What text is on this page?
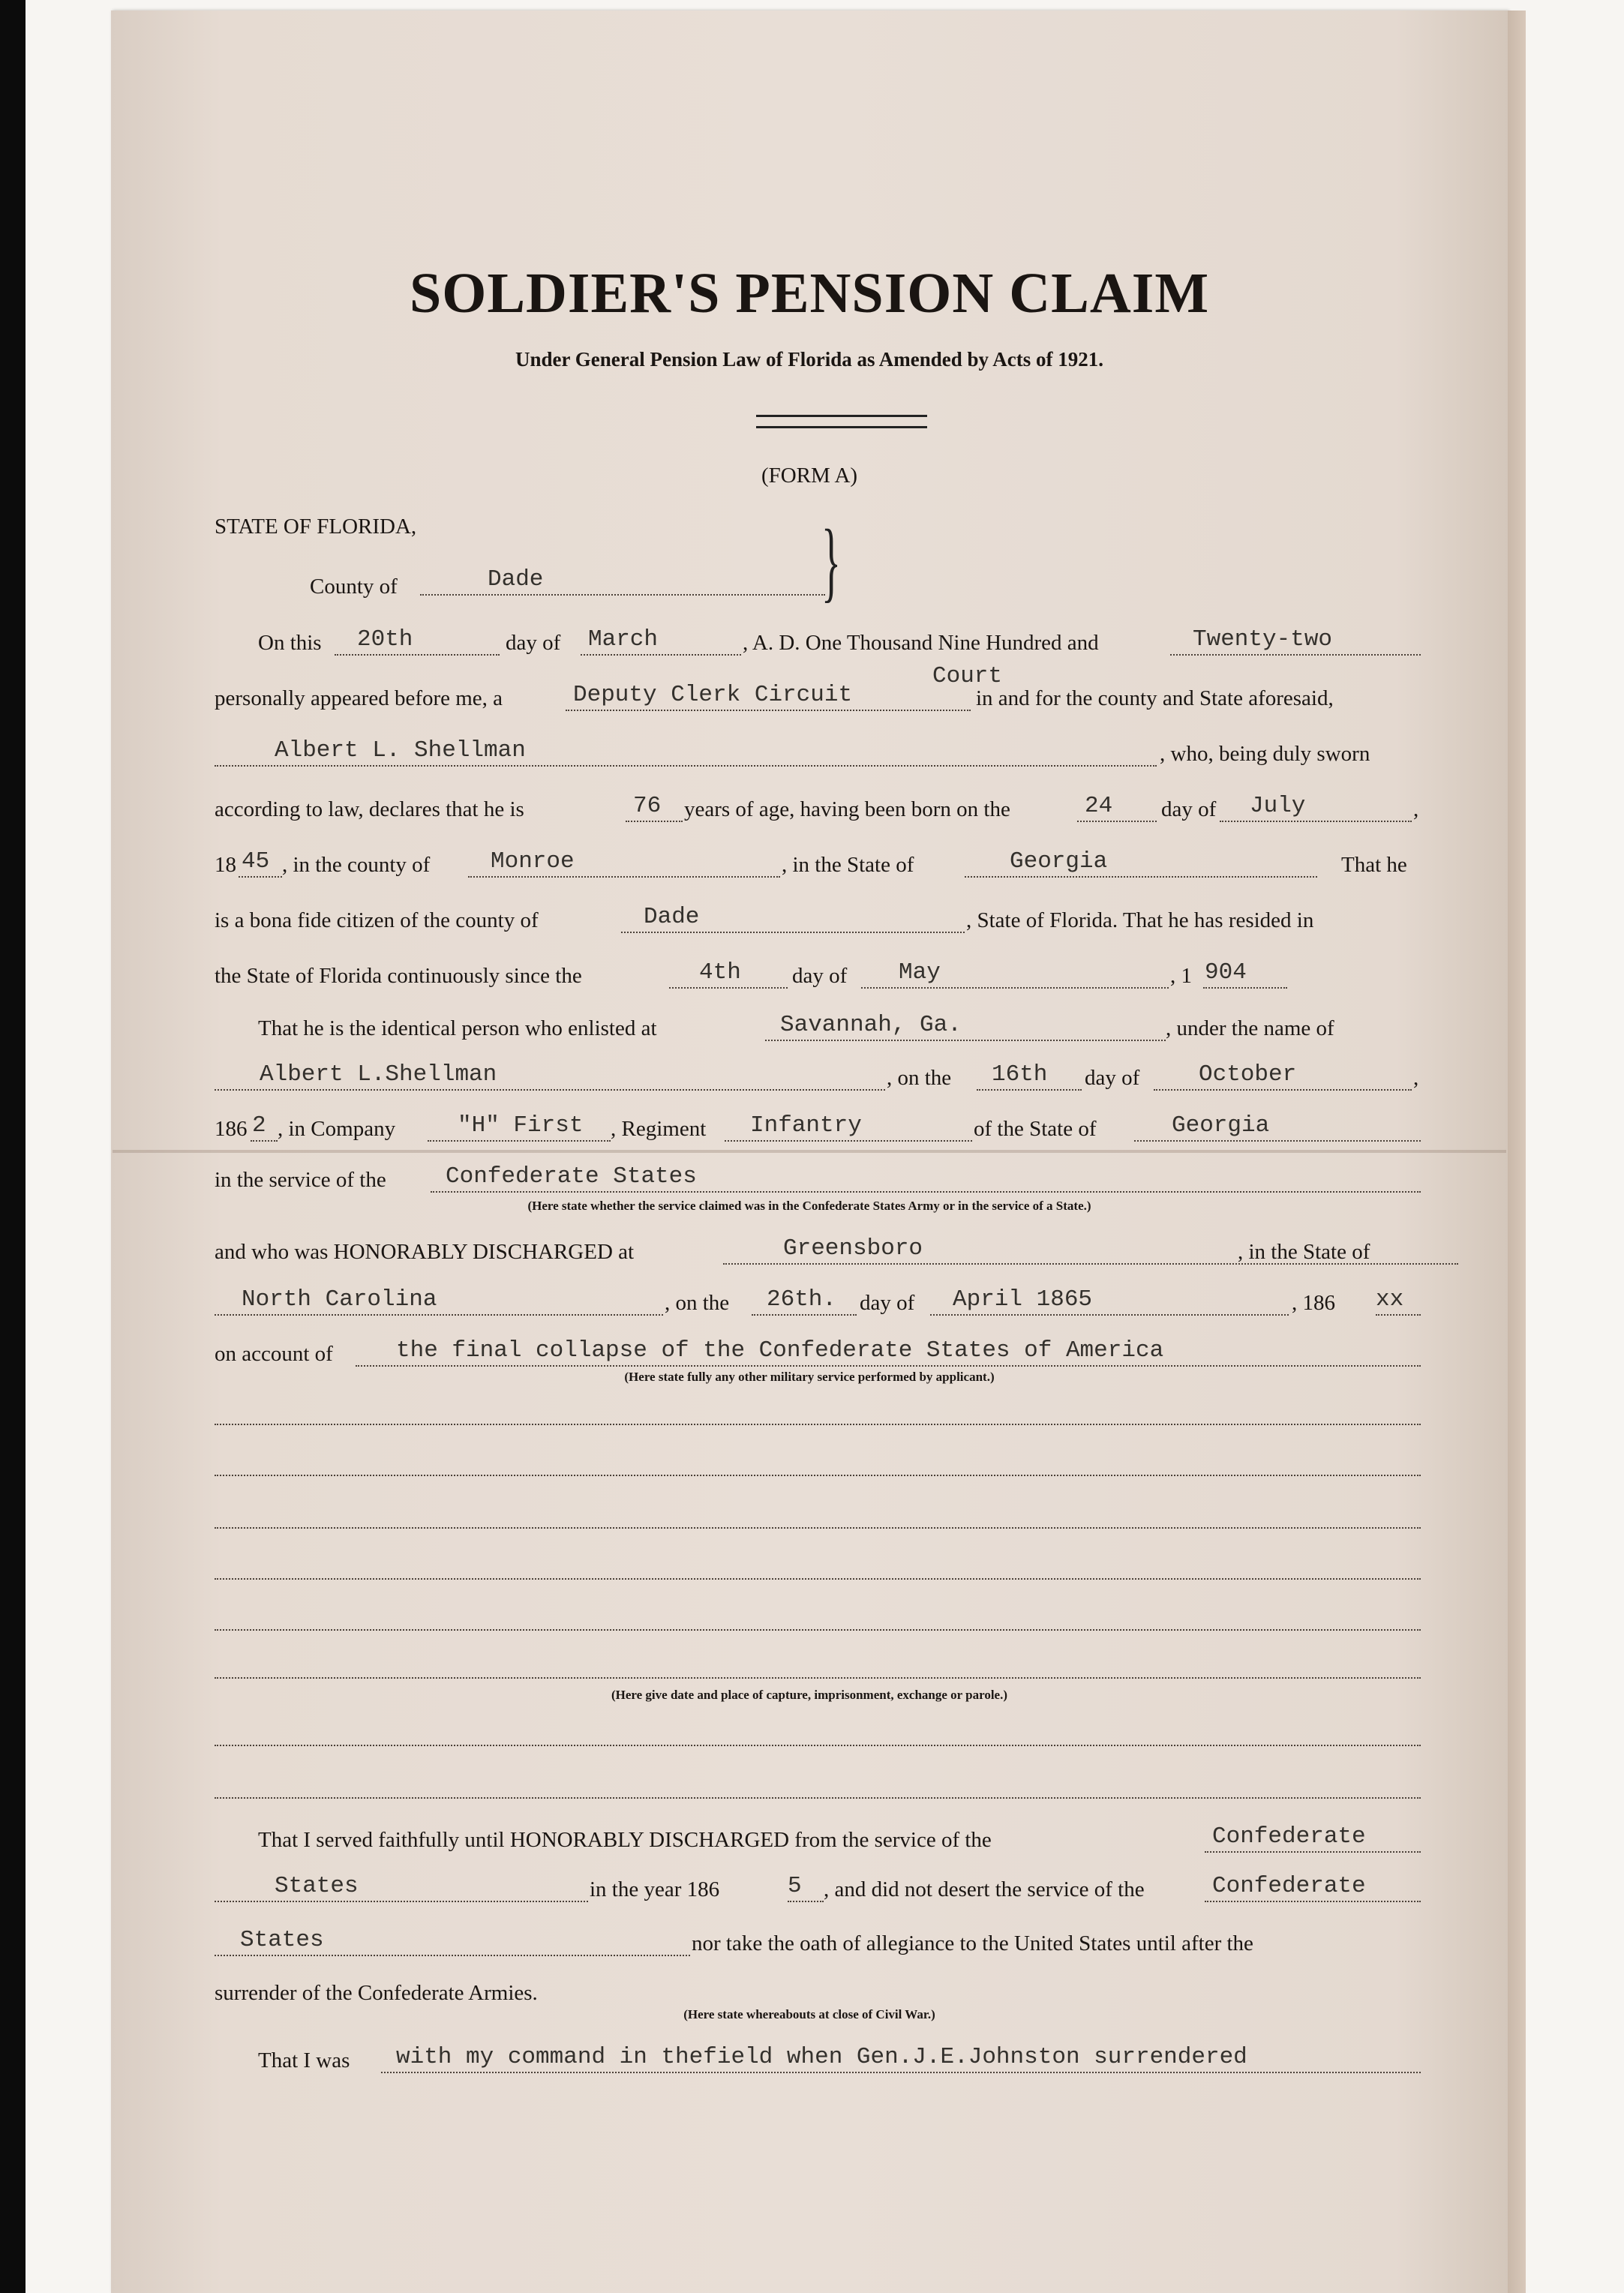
SOLDIER'S PENSION CLAIM
Under General Pension Law of Florida as Amended by Acts of 1921.
(FORM A)
STATE OF FLORIDA,
County of	Dade	}
On this 20th	day of March	, A. D. One Thousand Nine Hundred and	Twenty-two
Court
personally appeared before me, a	Deputy Clerk Circuit	in and for the county and State aforesaid,
Albert L. Shellman	, who, being duly sworn
according to law, declares that he is	76 years of age, having been born on the	24 day of July	,
18 45 , in the county of	Monroe	, in the State of	Georgia	That he
is a bona fide citizen of the county of	Dade	, State of Florida. That he has resided in
the State of Florida continuously since the	4th day of May	, 1 904
That he is the identical person who enlisted at	Savannah, Ga.	, under the name of
Albert L.Shellman	, on the 16th day of	October	,
186 2 , in Company	"H" First , Regiment Infantry	of the State of	Georgia
in the service of the	Confederate States
(Here state whether the service claimed was in the Confederate States Army or in the service of a State.)
and who was HONORABLY DISCHARGED at	Greensboro	, in the State of
North Carolina	, on the 26th. day of April 1865	, 186 xx
on account of	the final collapse of the Confederate States of America
(Here state fully any other military service performed by applicant.)
(Here give date and place of capture, imprisonment, exchange or parole.)
That I served faithfully until HONORABLY DISCHARGED from the service of the	Confederate
States	in the year 186	5 , and did not desert the service of the	Confederate
States	nor take the oath of allegiance to the United States until after the
surrender of the Confederate Armies.
(Here state whereabouts at close of Civil War.)
That I was with my command in thefield when Gen.J.E.Johnston surrendered
